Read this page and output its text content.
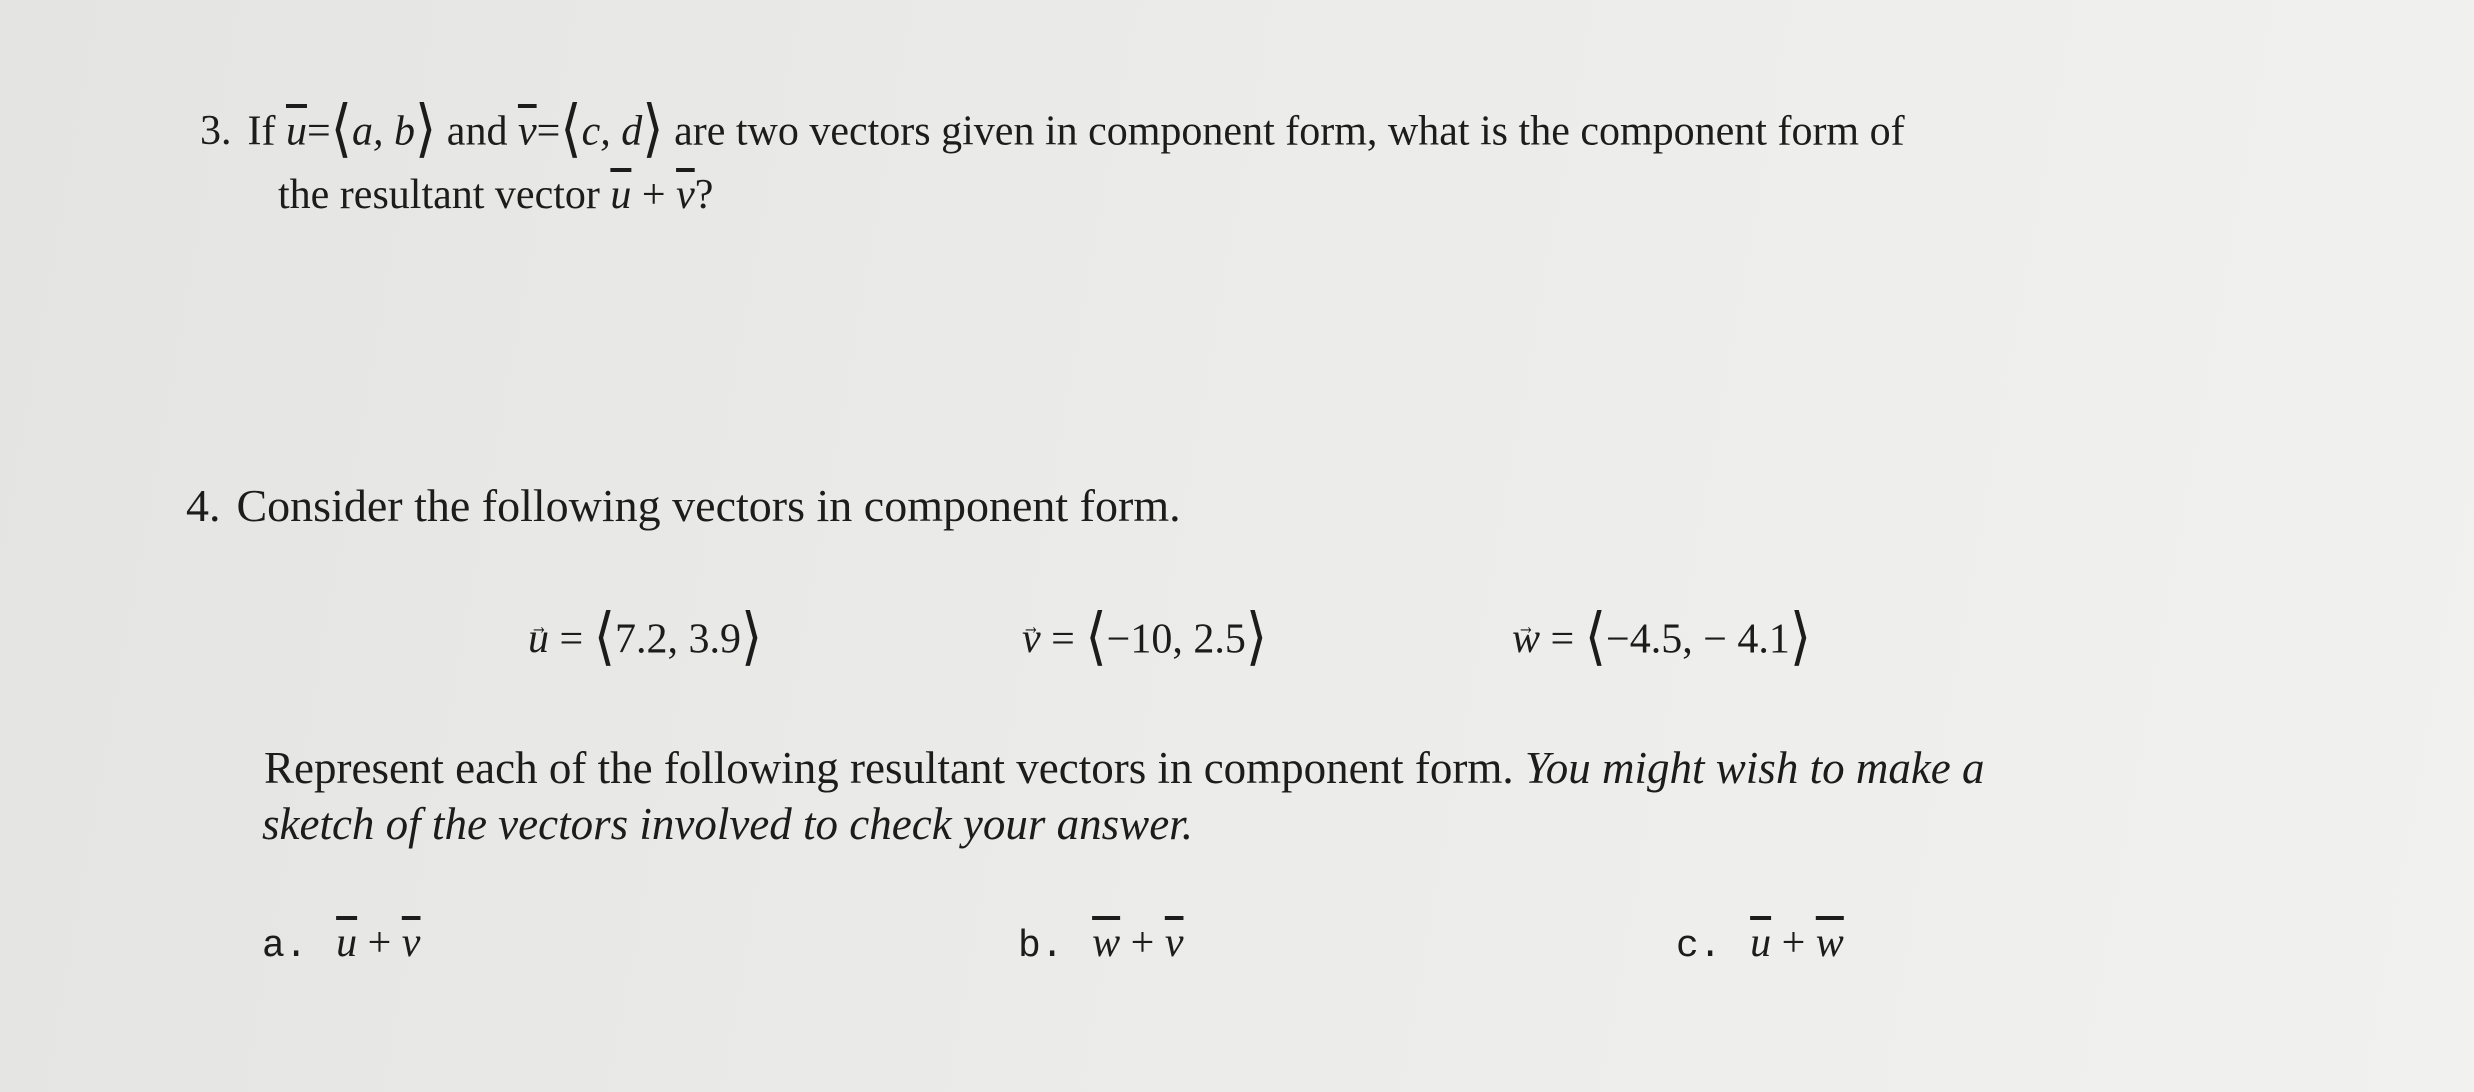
3. If $\overline{u}=⟨a$, b⟩ and $\overline{v}=⟨c$, d⟩ are two vectors given in component form, what is the component form of
the resultant vector $\overline{u} + \overline{v}$?
4. Consider the following vectors in component form.
u → = ⟨7.2, 3.9⟩	v → = ⟨−10, 2.5⟩	w → = ⟨−4.5, − 4.1⟩
Represent each of the following resultant vectors in component form. You might wish to make a
sketch of the vectors involved to check your answer.
a. $\overline{u} + \overline{v}$	b. $\overline{w} + \overline{v}$	c. $\overline{u} + \overline{w}$
